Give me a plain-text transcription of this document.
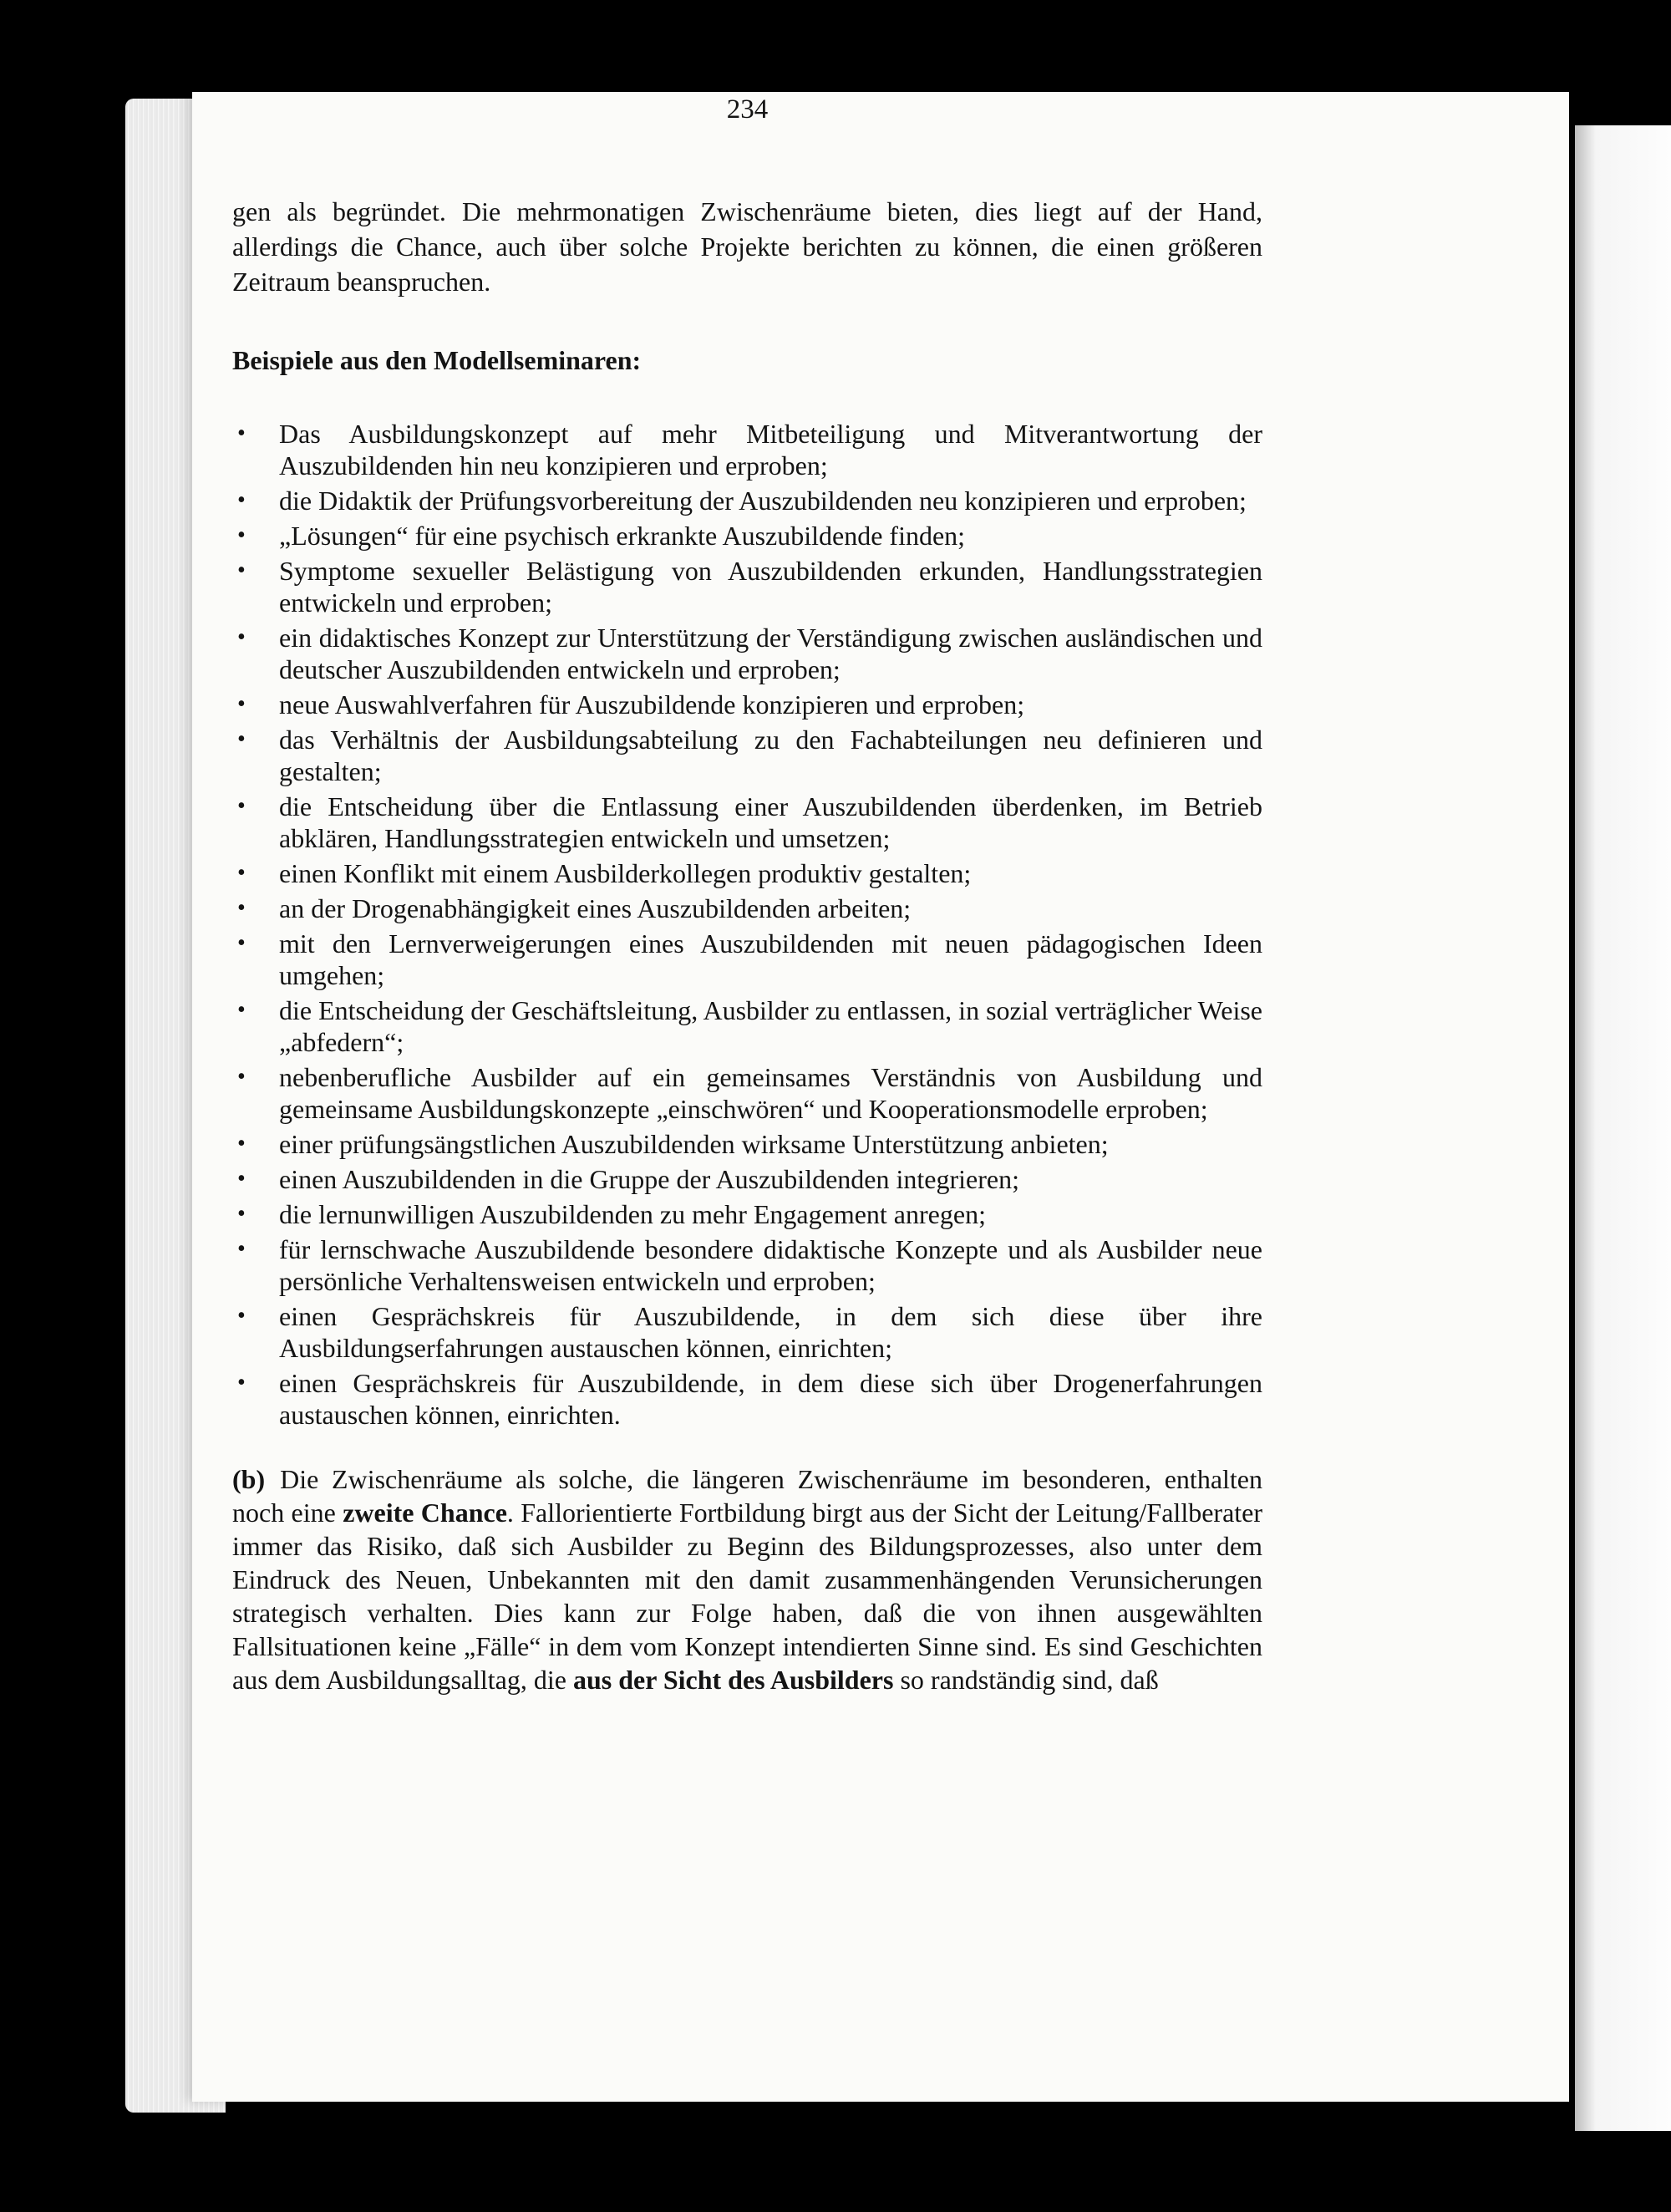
234

gen als begründet. Die mehrmonatigen Zwischenräume bieten, dies liegt auf der Hand, allerdings die Chance, auch über solche Projekte berichten zu können, die einen größeren Zeitraum beanspruchen.

Beispiele aus den Modellseminaren:

• Das Ausbildungskonzept auf mehr Mitbeteiligung und Mitverantwortung der Auszubildenden hin neu konzipieren und erproben;
• die Didaktik der Prüfungsvorbereitung der Auszubildenden neu konzipieren und erproben;
• „Lösungen“ für eine psychisch erkrankte Auszubildende finden;
• Symptome sexueller Belästigung von Auszubildenden erkunden, Handlungsstrategien entwickeln und erproben;
• ein didaktisches Konzept zur Unterstützung der Verständigung zwischen ausländischen und deutscher Auszubildenden entwickeln und erproben;
• neue Auswahlverfahren für Auszubildende konzipieren und erproben;
• das Verhältnis der Ausbildungsabteilung zu den Fachabteilungen neu definieren und gestalten;
• die Entscheidung über die Entlassung einer Auszubildenden überdenken, im Betrieb abklären, Handlungsstrategien entwickeln und umsetzen;
• einen Konflikt mit einem Ausbilderkollegen produktiv gestalten;
• an der Drogenabhängigkeit eines Auszubildenden arbeiten;
• mit den Lernverweigerungen eines Auszubildenden mit neuen pädagogischen Ideen umgehen;
• die Entscheidung der Geschäftsleitung, Ausbilder zu entlassen, in sozial verträglicher Weise „abfedern“;
• nebenberufliche Ausbilder auf ein gemeinsames Verständnis von Ausbildung und gemeinsame Ausbildungskonzepte „einschwören“ und Kooperationsmodelle erproben;
• einer prüfungsängstlichen Auszubildenden wirksame Unterstützung anbieten;
• einen Auszubildenden in die Gruppe der Auszubildenden integrieren;
• die lernunwilligen Auszubildenden zu mehr Engagement anregen;
• für lernschwache Auszubildende besondere didaktische Konzepte und als Ausbilder neue persönliche Verhaltensweisen entwickeln und erproben;
• einen Gesprächskreis für Auszubildende, in dem sich diese über ihre Ausbildungserfahrungen austauschen können, einrichten;
• einen Gesprächskreis für Auszubildende, in dem diese sich über Drogenerfahrungen austauschen können, einrichten.

(b) Die Zwischenräume als solche, die längeren Zwischenräume im besonderen, enthalten noch eine zweite Chance. Fallorientierte Fortbildung birgt aus der Sicht der Leitung/Fallberater immer das Risiko, daß sich Ausbilder zu Beginn des Bildungsprozesses, also unter dem Eindruck des Neuen, Unbekannten mit den damit zusammenhängenden Verunsicherungen strategisch verhalten. Dies kann zur Folge haben, daß die von ihnen ausgewählten Fallsituationen keine „Fälle“ in dem vom Konzept intendierten Sinne sind. Es sind Geschichten aus dem Ausbildungsalltag, die aus der Sicht des Ausbilders so randständig sind, daß
